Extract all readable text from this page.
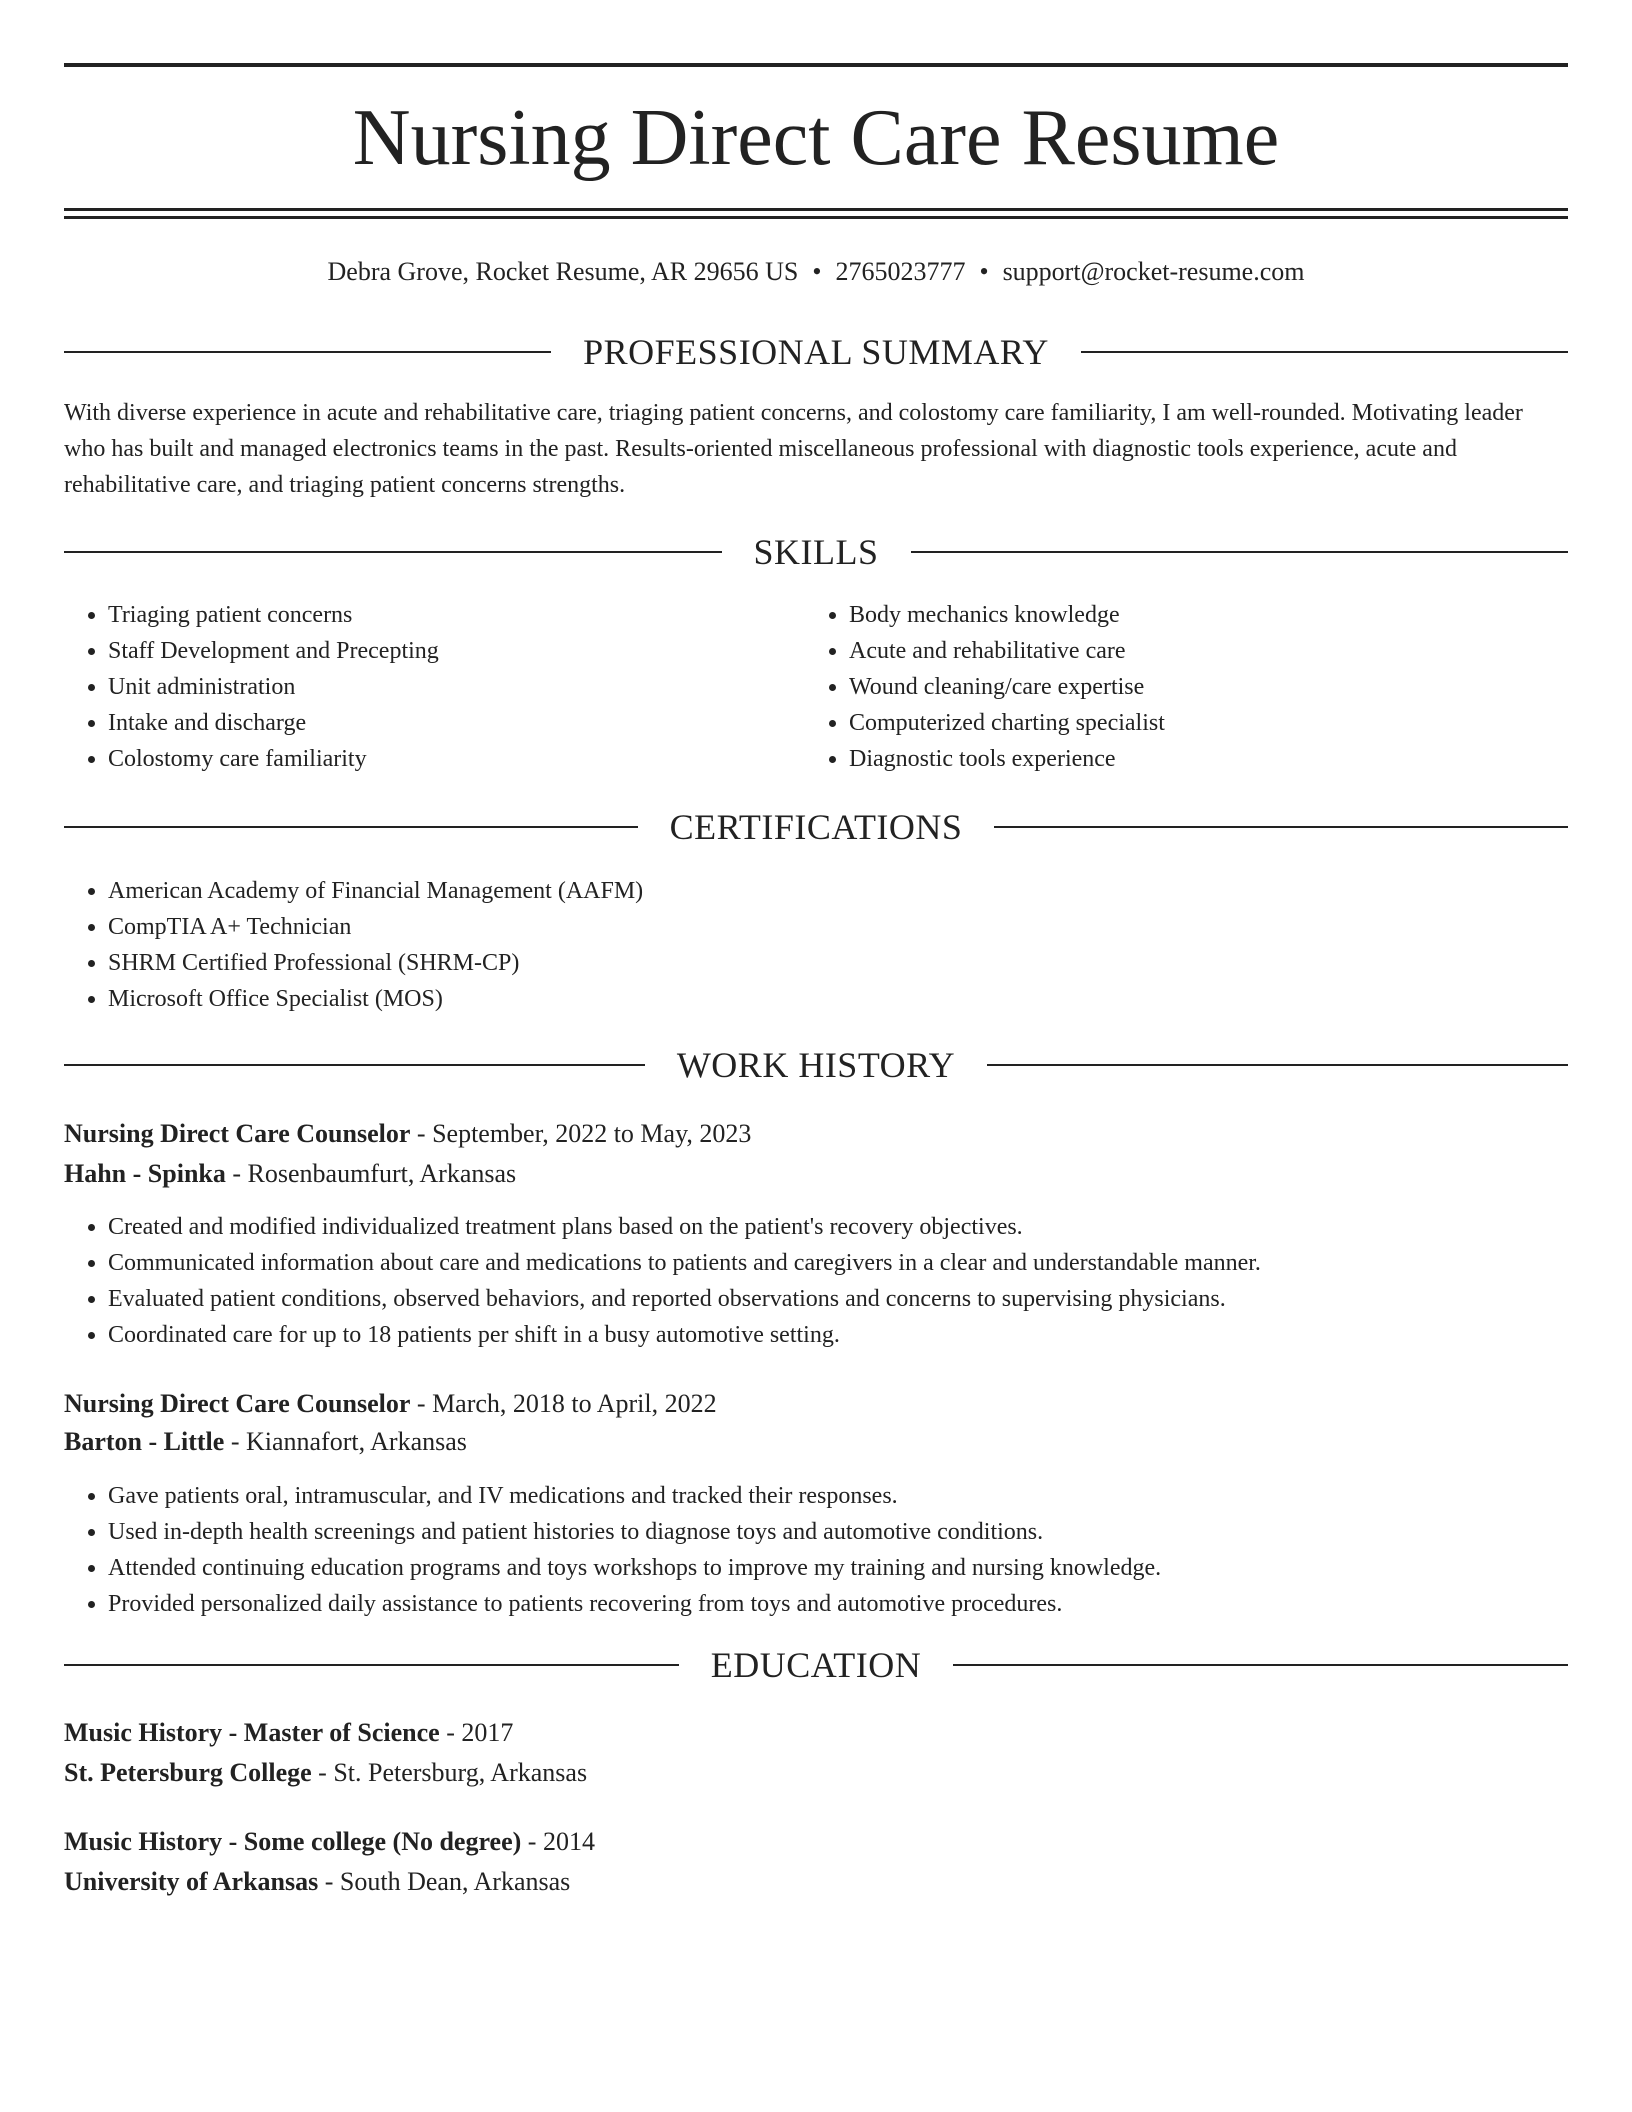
Nursing Direct Care Resume
Debra Grove, Rocket Resume, AR 29656 US • 2765023777 • support@rocket-resume.com
PROFESSIONAL SUMMARY

With diverse experience in acute and rehabilitative care, triaging patient concerns, and colostomy care familiarity, I am well-rounded. Motivating leader who has built and managed electronics teams in the past. Results-oriented miscellaneous professional with diagnostic tools experience, acute and rehabilitative care, and triaging patient concerns strengths.

SKILLS
• Triaging patient concerns
• Staff Development and Precepting
• Unit administration
• Intake and discharge
• Colostomy care familiarity
• Body mechanics knowledge
• Acute and rehabilitative care
• Wound cleaning/care expertise
• Computerized charting specialist
• Diagnostic tools experience
CERTIFICATIONS
• American Academy of Financial Management (AAFM)
• CompTIA A+ Technician
• SHRM Certified Professional (SHRM-CP)
• Microsoft Office Specialist (MOS)
WORK HISTORY
Nursing Direct Care Counselor - September, 2022 to May, 2023
Hahn - Spinka - Rosenbaumfurt, Arkansas
• Created and modified individualized treatment plans based on the patient's recovery objectives.
• Communicated information about care and medications to patients and caregivers in a clear and understandable manner.
• Evaluated patient conditions, observed behaviors, and reported observations and concerns to supervising physicians.
• Coordinated care for up to 18 patients per shift in a busy automotive setting.
Nursing Direct Care Counselor - March, 2018 to April, 2022
Barton - Little - Kiannafort, Arkansas
• Gave patients oral, intramuscular, and IV medications and tracked their responses.
• Used in-depth health screenings and patient histories to diagnose toys and automotive conditions.
• Attended continuing education programs and toys workshops to improve my training and nursing knowledge.
• Provided personalized daily assistance to patients recovering from toys and automotive procedures.
EDUCATION
Music History - Master of Science - 2017
St. Petersburg College - St. Petersburg, Arkansas
Music History - Some college (No degree) - 2014
University of Arkansas - South Dean, Arkansas
